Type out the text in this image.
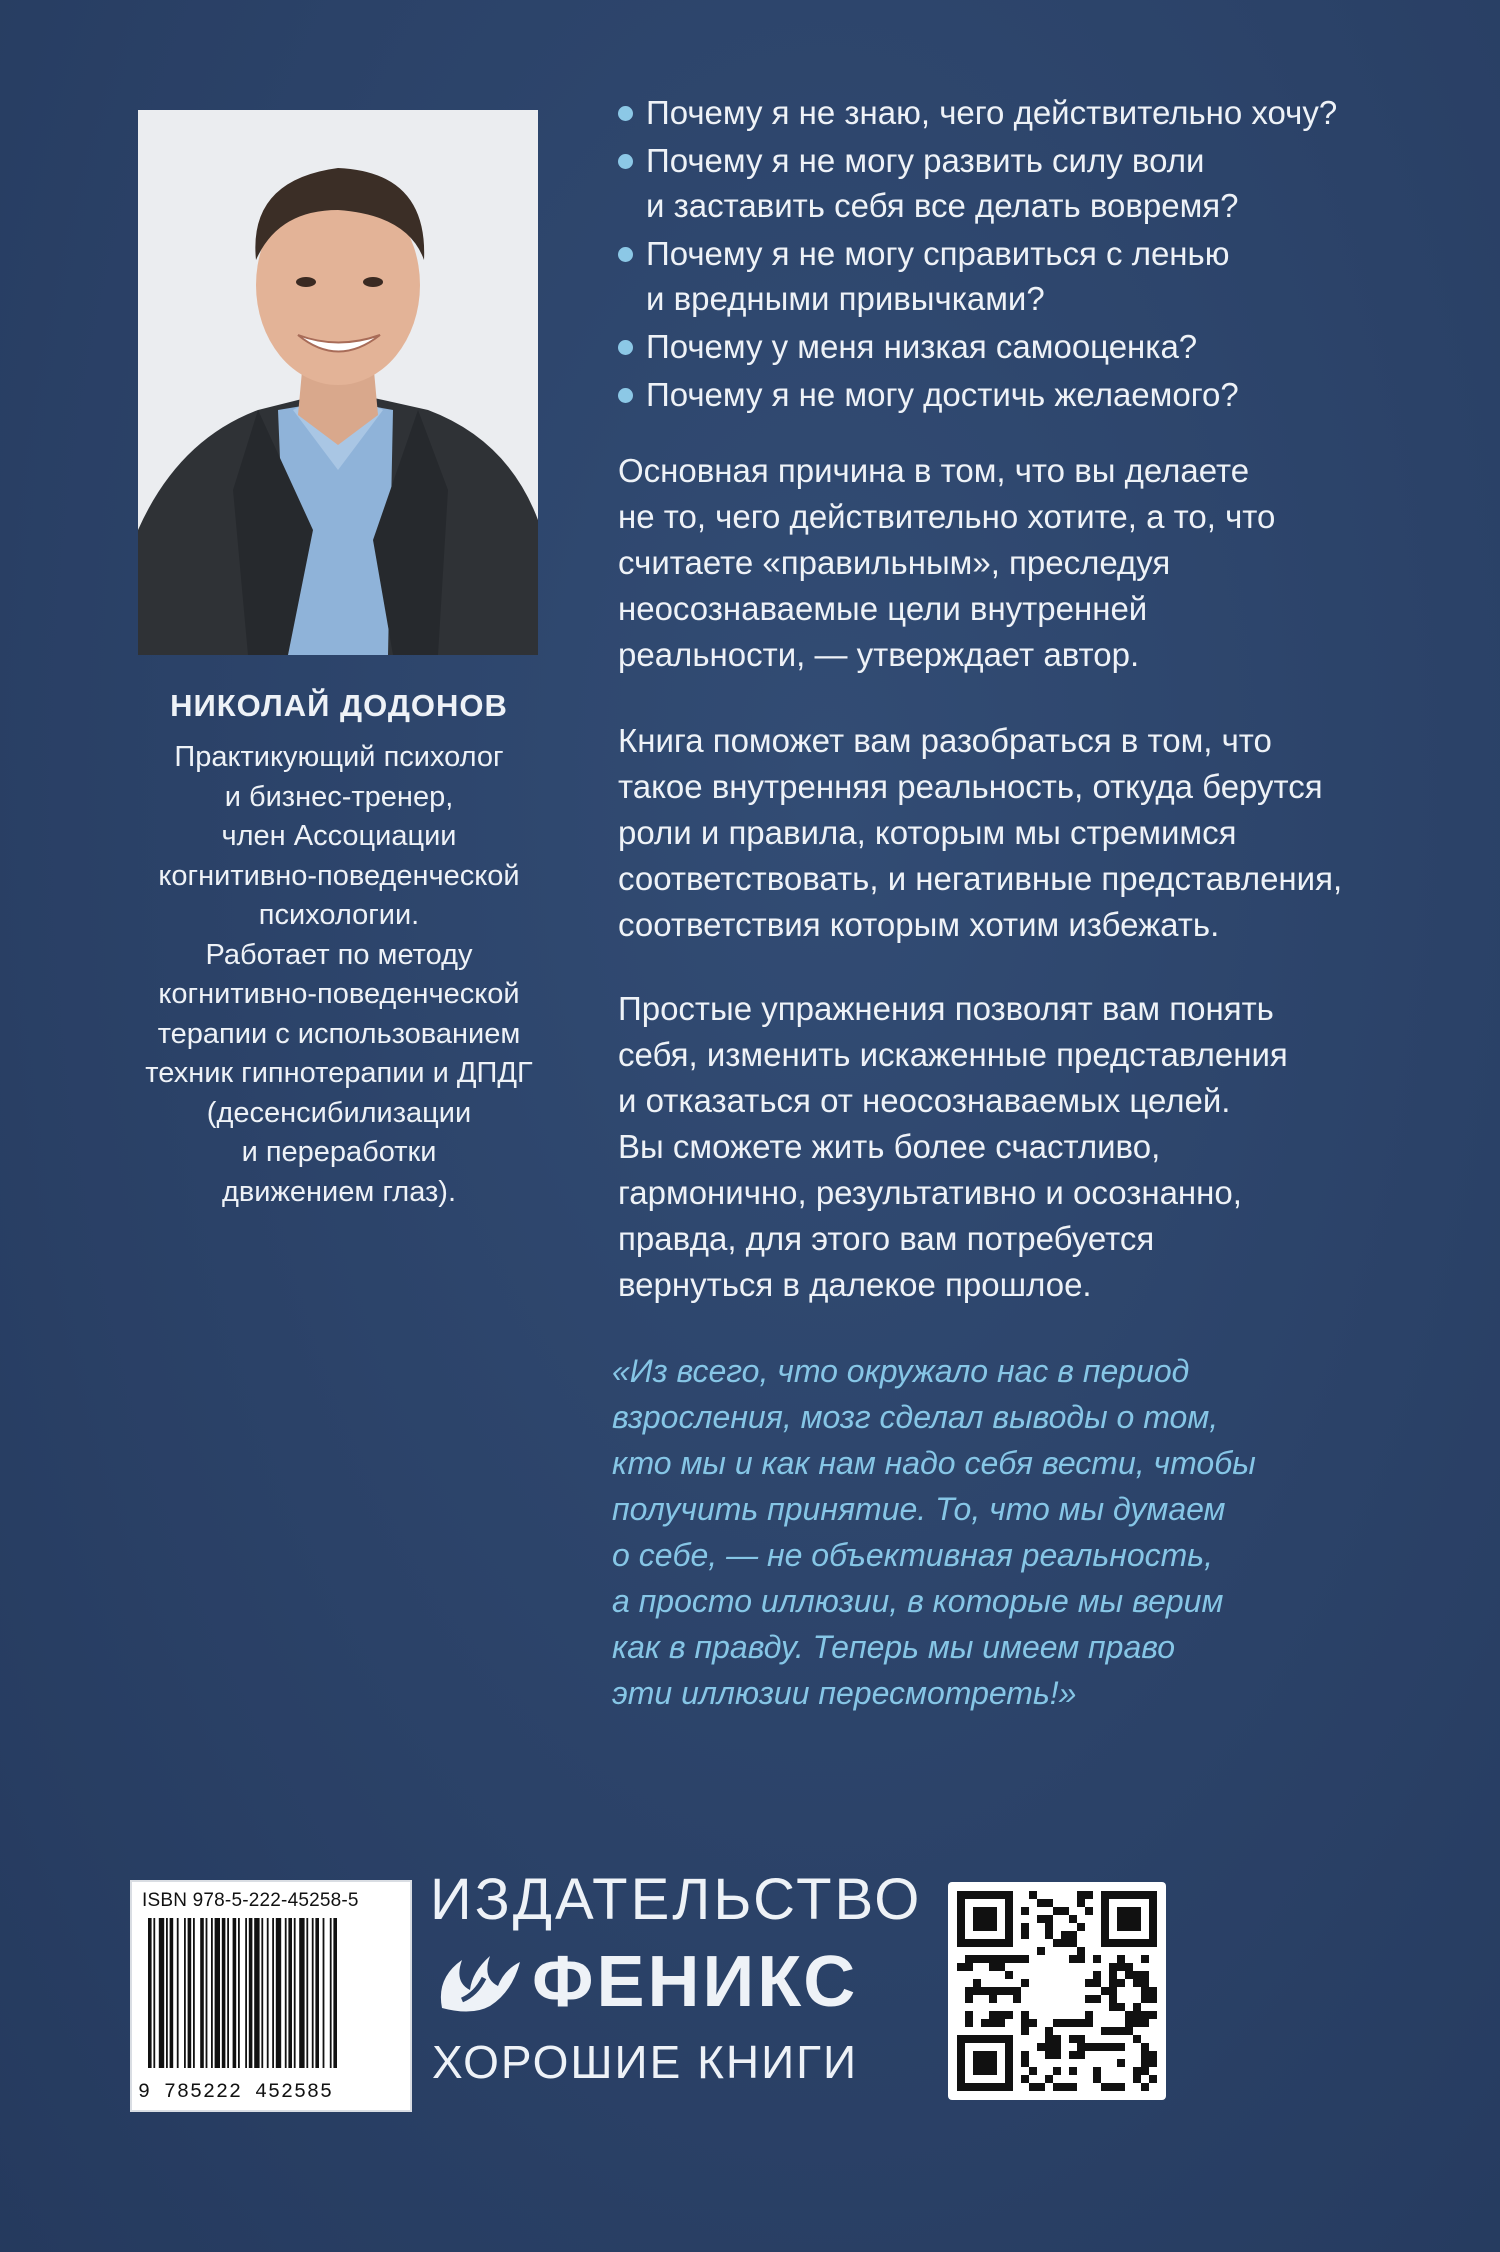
НИКОЛАЙ ДОДОНОВ

Практикующий психолог
и бизнес-тренер,
член Ассоциации
когнитивно-поведенческой
психологии.
Работает по методу
когнитивно-поведенческой
терапии с использованием
техник гипнотерапии и ДПДГ
(десенсибилизации
и переработки
движением глаз).

Почему я не знаю, чего действительно хочу?
Почему я не могу развить силу воли
и заставить себя все делать вовремя?
Почему я не могу справиться с ленью
и вредными привычками?
Почему у меня низкая самооценка?
Почему я не могу достичь желаемого?

Основная причина в том, что вы делаете
не то, чего действительно хотите, а то, что
считаете «правильным», преследуя
неосознаваемые цели внутренней
реальности, — утверждает автор.

Книга поможет вам разобраться в том, что
такое внутренняя реальность, откуда берутся
роли и правила, которым мы стремимся
соответствовать, и негативные представления,
соответствия которым хотим избежать.

Простые упражнения позволят вам понять
себя, изменить искаженные представления
и отказаться от неосознаваемых целей.
Вы сможете жить более счастливо,
гармонично, результативно и осознанно,
правда, для этого вам потребуется
вернуться в далекое прошлое.

«Из всего, что окружало нас в период
взросления, мозг сделал выводы о том,
кто мы и как нам надо себя вести, чтобы
получить принятие. То, что мы думаем
о себе, — не объективная реальность,
а просто иллюзии, в которые мы верим
как в правду. Теперь мы имеем право
эти иллюзии пересмотреть!»

ISBN 978-5-222-45258-5
9 785222 452585

ИЗДАТЕЛЬСТВО

ФЕНИКС

ХОРОШИЕ КНИГИ
